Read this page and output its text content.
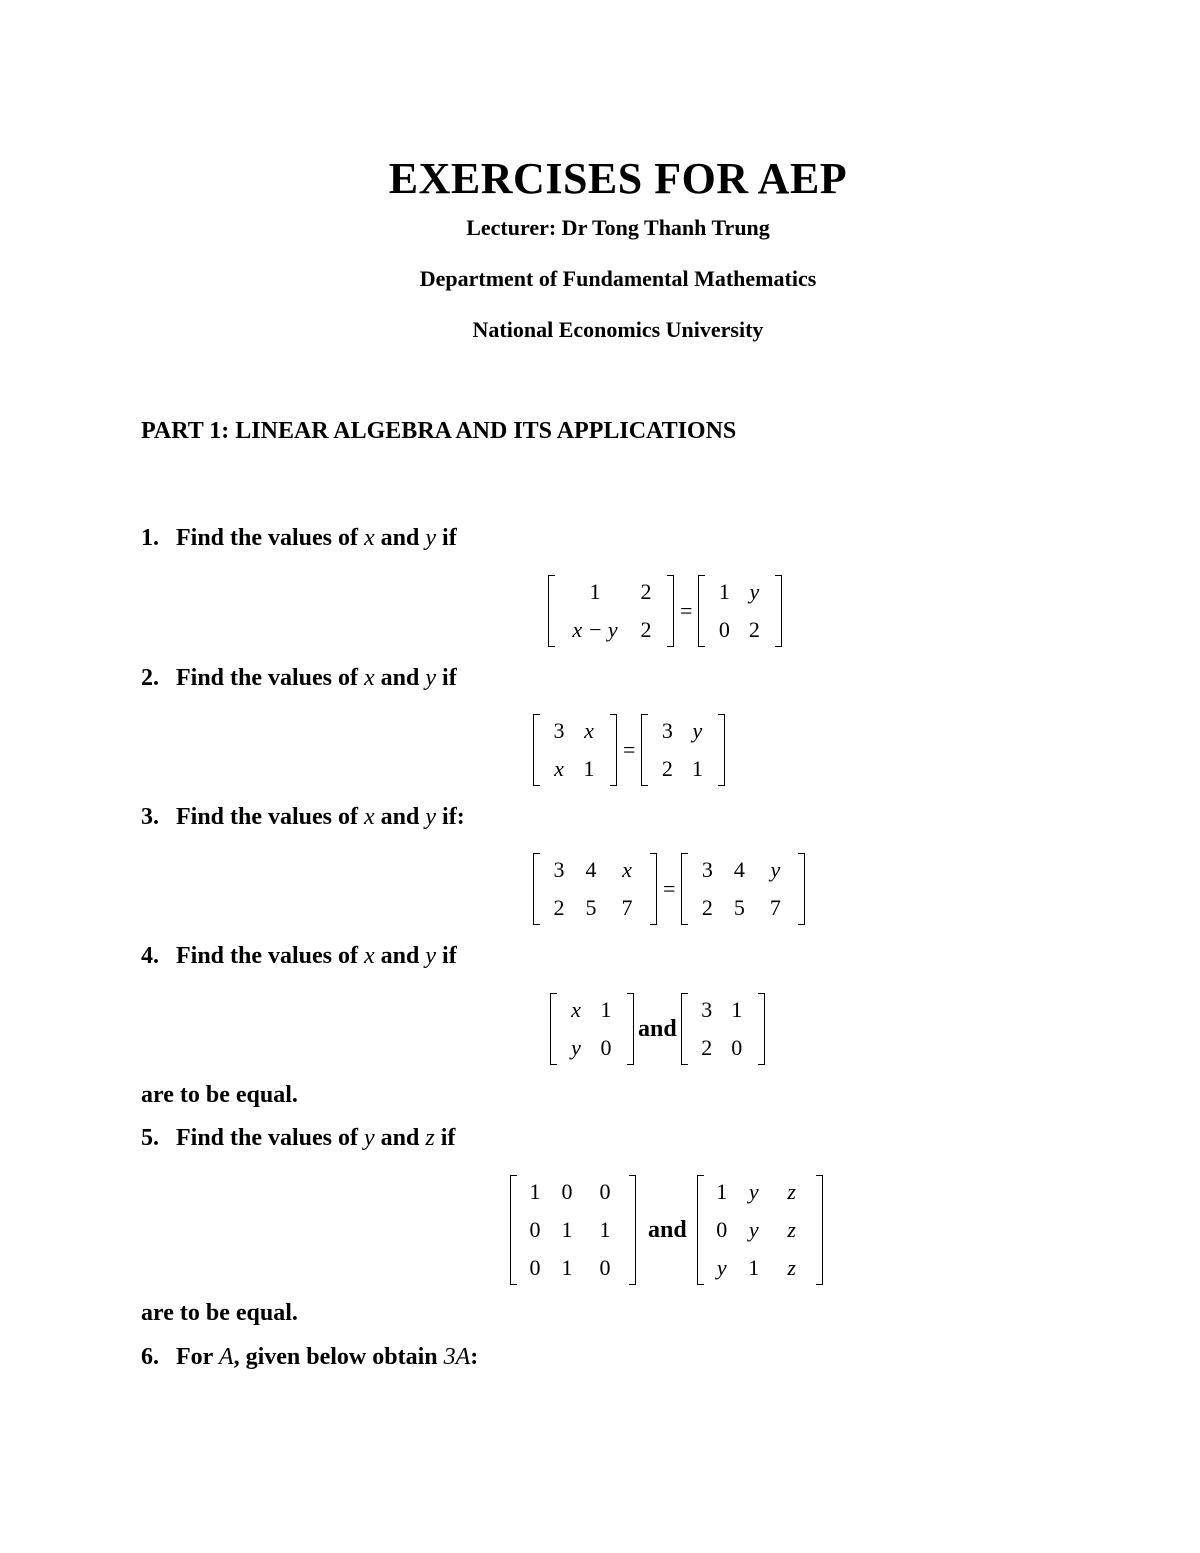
EXERCISES FOR AEP
Lecturer: Dr Tong Thanh Trung
Department of Fundamental Mathematics
National Economics University
PART 1: LINEAR ALGEBRA AND ITS APPLICATIONS
1. Find the values of x and y if
1	2
x − y	2
=
1 y
0 2
2. Find the values of x and y if
3 x
x 1
=
3 y
2 1
3. Find the values of x and y if:
3 4	x
2 5	7
=
3 4	y
2 5	7
4. Find the values of x and y if
x 1
y 0
and
3 1
2 0
are to be equal.
5. Find the values of y and z if
1 0	0
0 1	1
0 1	0
and
1 y	z
0 y	z
y 1	z
are to be equal.
6. For A, given below obtain 3A:
